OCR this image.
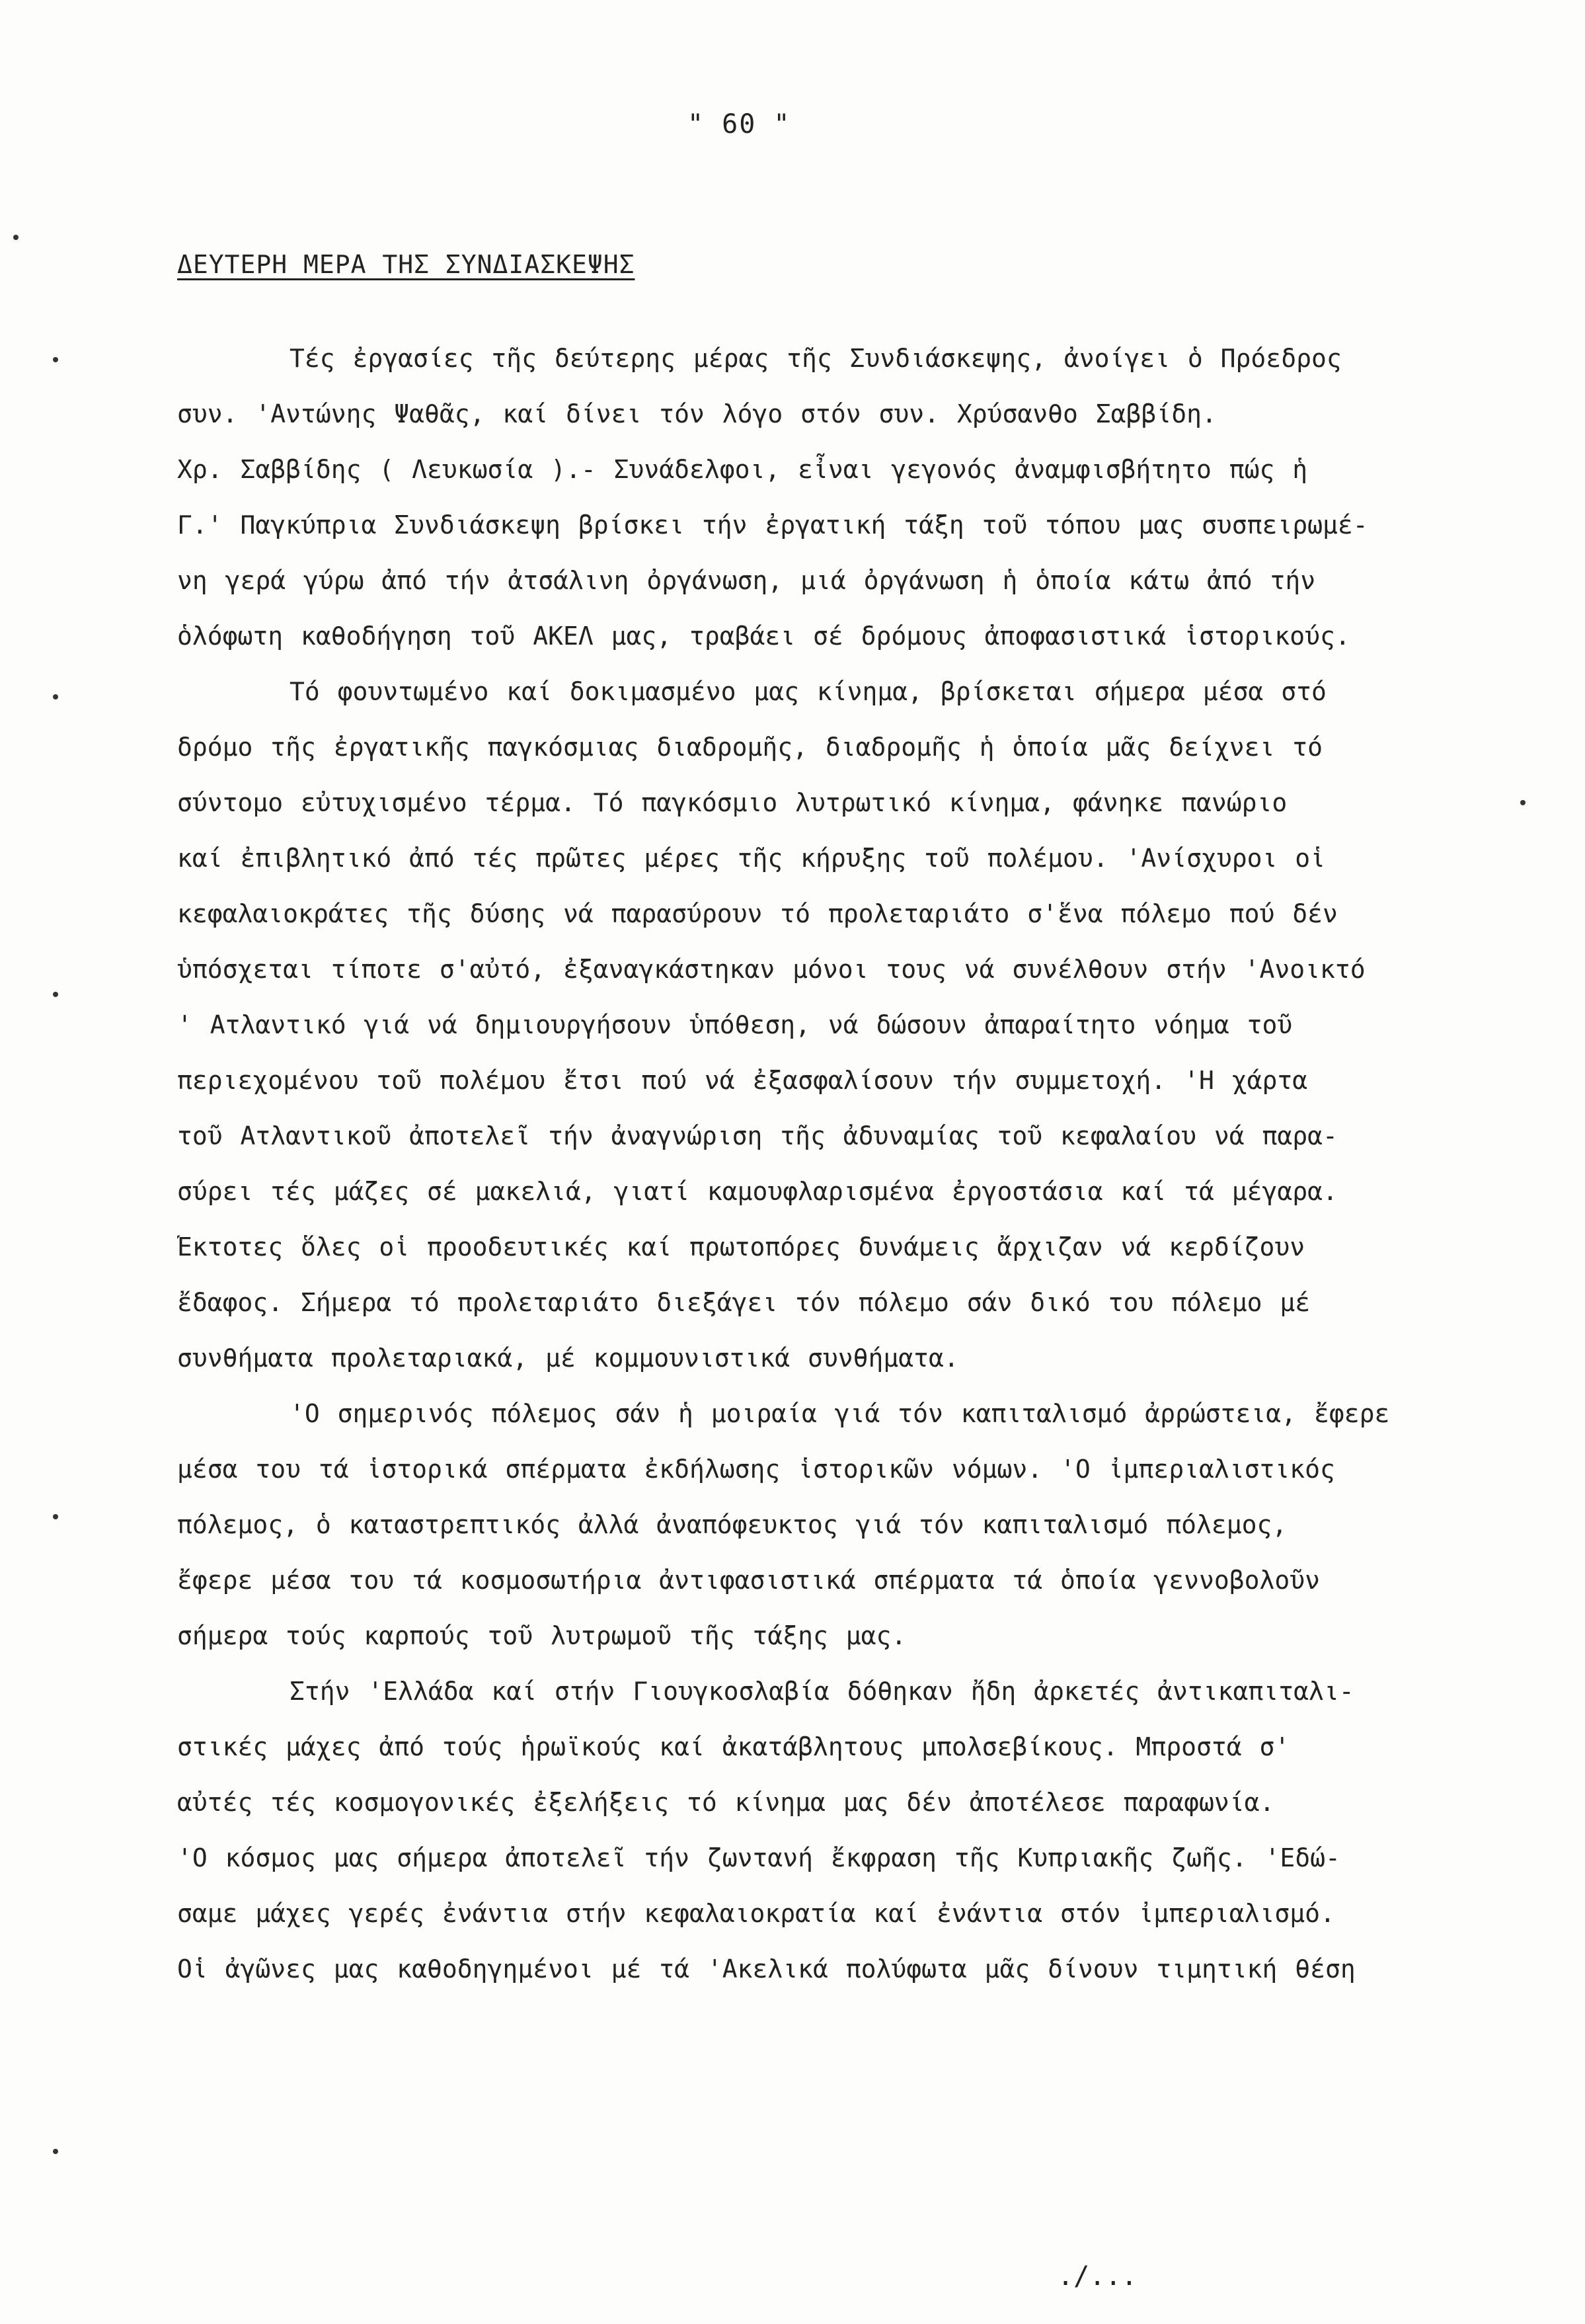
" 60 "
ΔΕΥΤΕΡΗ ΜΕΡΑ ΤΗΣ ΣΥΝΔΙΑΣΚΕΨΗΣ

Τές ἐργασίες τῆς δεύτερης μέρας τῆς Συνδιάσκεψης, ἀνοίγει ὁ Πρόεδρος
συν. 'Αντώνης Ψαθᾶς, καί δίνει τόν λόγο στόν συν. Χρύσανθο Σαββίδη.
Χρ. Σαββίδης ( Λευκωσία ).- Συνάδελφοι, εἶναι γεγονός ἀναμφισβήτητο πώς ἡ
Γ.' Παγκύπρια Συνδιάσκεψη βρίσκει τήν ἐργατική τάξη τοῦ τόπου μας συσπειρωμέ-
νη γερά γύρω ἀπό τήν ἀτσάλινη ὀργάνωση, μιά ὀργάνωση ἡ ὁποία κάτω ἀπό τήν
ὁλόφωτη καθοδήγηση τοῦ ΑΚΕΛ μας, τραβάει σέ δρόμους ἀποφασιστικά ἱστορικούς.

Τό φουντωμένο καί δοκιμασμένο μας κίνημα, βρίσκεται σήμερα μέσα στό
δρόμο τῆς ἐργατικῆς παγκόσμιας διαδρομῆς, διαδρομῆς ἡ ὁποία μᾶς δείχνει τό
σύντομο εὐτυχισμένο τέρμα. Τό παγκόσμιο λυτρωτικό κίνημα, φάνηκε πανώριο
καί ἐπιβλητικό ἀπό τές πρῶτες μέρες τῆς κήρυξης τοῦ πολέμου. 'Ανίσχυροι οἱ
κεφαλαιοκράτες τῆς δύσης νά παρασύρουν τό προλεταριάτο σ'ἕνα πόλεμο πού δέν
ὑπόσχεται τίποτε σ'αὐτό, ἐξαναγκάστηκαν μόνοι τους νά συνέλθουν στήν 'Ανοικτό
' Ατλαντικό γιά νά δημιουργήσουν ὑπόθεση, νά δώσουν ἀπαραίτητο νόημα τοῦ
περιεχομένου τοῦ πολέμου ἔτσι πού νά ἐξασφαλίσουν τήν συμμετοχή. 'Η χάρτα
τοῦ Ατλαντικοῦ ἀποτελεῖ τήν ἀναγνώριση τῆς ἀδυναμίας τοῦ κεφαλαίου νά παρα-
σύρει τές μάζες σέ μακελιά, γιατί καμουφλαρισμένα ἐργοστάσια καί τά μέγαρα.
Ἔκτοτες ὅλες οἱ προοδευτικές καί πρωτοπόρες δυνάμεις ἄρχιζαν νά κερδίζουν
ἔδαφος. Σήμερα τό προλεταριάτο διεξάγει τόν πόλεμο σάν δικό του πόλεμο μέ
συνθήματα προλεταριακά, μέ κομμουνιστικά συνθήματα.

'Ο σημερινός πόλεμος σάν ἡ μοιραία γιά τόν καπιταλισμό ἀρρώστεια, ἔφερε
μέσα του τά ἱστορικά σπέρματα ἐκδήλωσης ἱστορικῶν νόμων. 'Ο ἰμπεριαλιστικός
πόλεμος, ὁ καταστρεπτικός ἀλλά ἀναπόφευκτος γιά τόν καπιταλισμό πόλεμος,
ἔφερε μέσα του τά κοσμοσωτήρια ἀντιφασιστικά σπέρματα τά ὁποία γεννοβολοῦν
σήμερα τούς καρπούς τοῦ λυτρωμοῦ τῆς τάξης μας.

Στήν 'Ελλάδα καί στήν Γιουγκοσλαβία δόθηκαν ἤδη ἀρκετές ἀντικαπιταλι-
στικές μάχες ἀπό τούς ἡρωϊκούς καί ἀκατάβλητους μπολσεβίκους. Μπροστά σ'
αὐτές τές κοσμογονικές ἐξελήξεις τό κίνημα μας δέν ἀποτέλεσε παραφωνία.
'Ο κόσμος μας σήμερα ἀποτελεῖ τήν ζωντανή ἔκφραση τῆς Κυπριακῆς ζωῆς. 'Εδώ-
σαμε μάχες γερές ἐνάντια στήν κεφαλαιοκρατία καί ἐνάντια στόν ἰμπεριαλισμό.
Οἱ ἀγῶνες μας καθοδηγημένοι μέ τά 'Ακελικά πολύφωτα μᾶς δίνουν τιμητική θέση

./...
